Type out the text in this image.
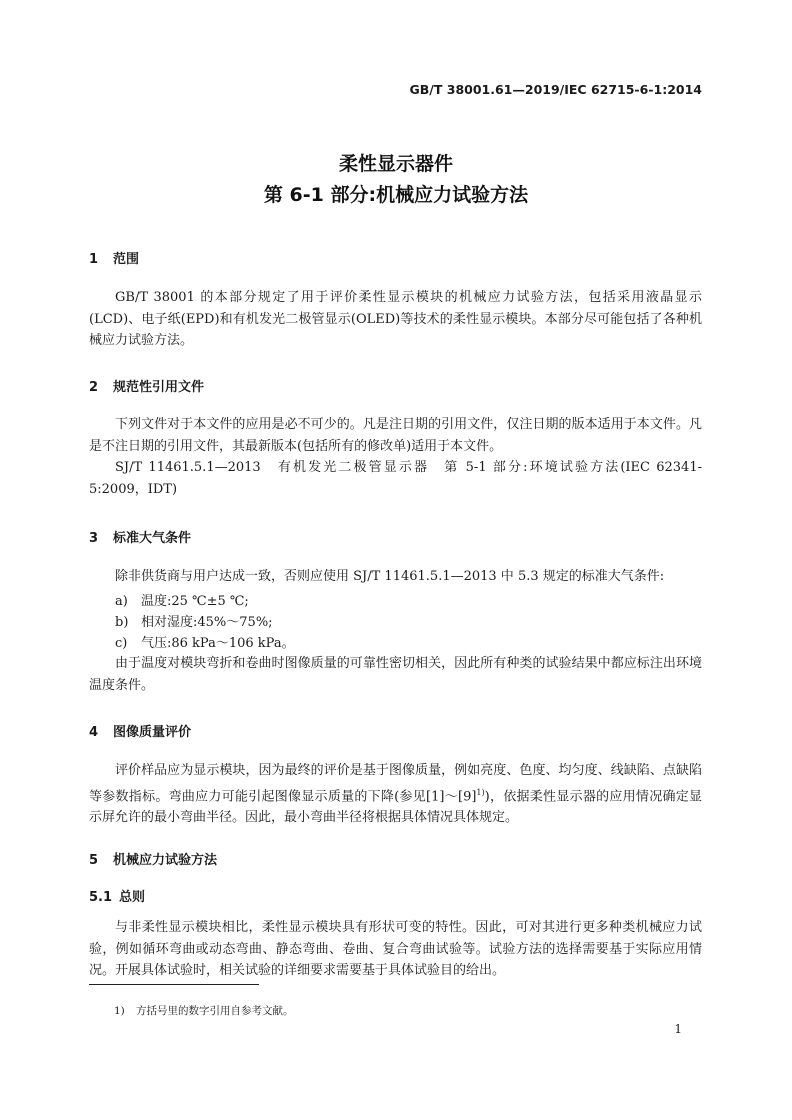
GB/T 38001.61—2019/IEC 62715-6-1:2014
柔性显示器件
第 6-1 部分:机械应力试验方法
1 范围
GB/T 38001 的本部分规定了用于评价柔性显示模块的机械应力试验方法，包括采用液晶显示(LCD)、电子纸(EPD)和有机发光二极管显示(OLED)等技术的柔性显示模块。本部分尽可能包括了各种机械应力试验方法。
2 规范性引用文件
下列文件对于本文件的应用是必不可少的。凡是注日期的引用文件，仅注日期的版本适用于本文件。凡是不注日期的引用文件，其最新版本(包括所有的修改单)适用于本文件。
SJ/T 11461.5.1—2013　有机发光二极管显示器　第 5-1 部分:环境试验方法(IEC 62341-5:2009，IDT)
3 标准大气条件
除非供货商与用户达成一致，否则应使用 SJ/T 11461.5.1—2013 中 5.3 规定的标准大气条件:
a) 温度:25 ℃±5 ℃;
b) 相对湿度:45%～75%;
c) 气压:86 kPa～106 kPa。
由于温度对模块弯折和卷曲时图像质量的可靠性密切相关，因此所有种类的试验结果中都应标注出环境温度条件。
4 图像质量评价
评价样品应为显示模块，因为最终的评价是基于图像质量，例如亮度、色度、均匀度、线缺陷、点缺陷等参数指标。弯曲应力可能引起图像显示质量的下降(参见$[1]\sim[9]^{1)}$)，依据柔性显示器的应用情况确定显示屏允许的最小弯曲半径。因此，最小弯曲半径将根据具体情况具体规定。
5 机械应力试验方法
5.1 总则
与非柔性显示模块相比，柔性显示模块具有形状可变的特性。因此，可对其进行更多种类机械应力试验，例如循环弯曲或动态弯曲、静态弯曲、卷曲、复合弯曲试验等。试验方法的选择需要基于实际应用情况。开展具体试验时，相关试验的详细要求需要基于具体试验目的给出。
1) 方括号里的数字引用自参考文献。
1
